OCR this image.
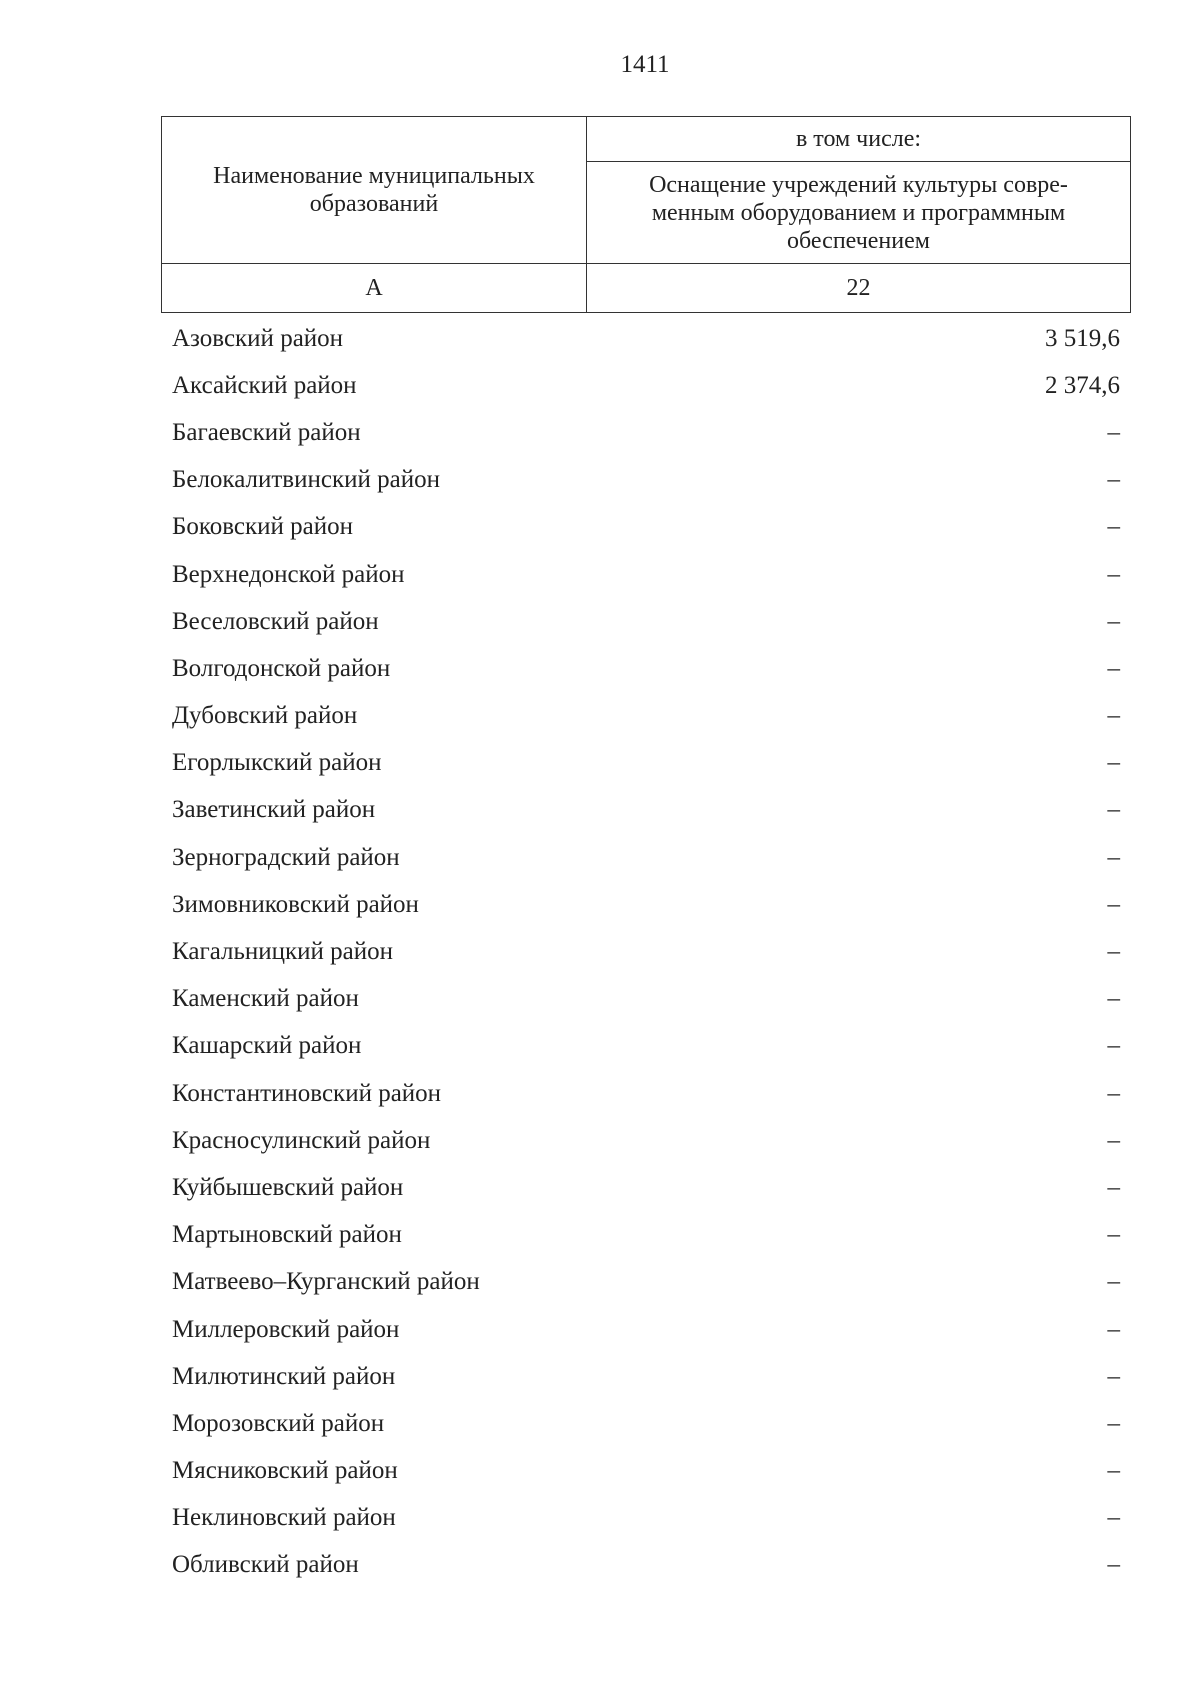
1411
Наименование муниципальных образований	в том числе:

	Оснащение учреждений культуры совре-
менным оборудованием и программным
обеспечением

А	22
Азовский район	3 519,6
Аксайский район	2 374,6
Багаевский район	–
Белокалитвинский район	–
Боковский район	–
Верхнедонской район	–
Веселовский район	–
Волгодонской район	–
Дубовский район	–
Егорлыкский район	–
Заветинский район	–
Зерноградский район	–
Зимовниковский район	–
Кагальницкий район	–
Каменский район	–
Кашарский район	–
Константиновский район	–
Красносулинский район	–
Куйбышевский район	–
Мартыновский район	–
Матвеево–Курганский район	–
Миллеровский район	–
Милютинский район	–
Морозовский район	–
Мясниковский район	–
Неклиновский район	–
Обливский район	–
